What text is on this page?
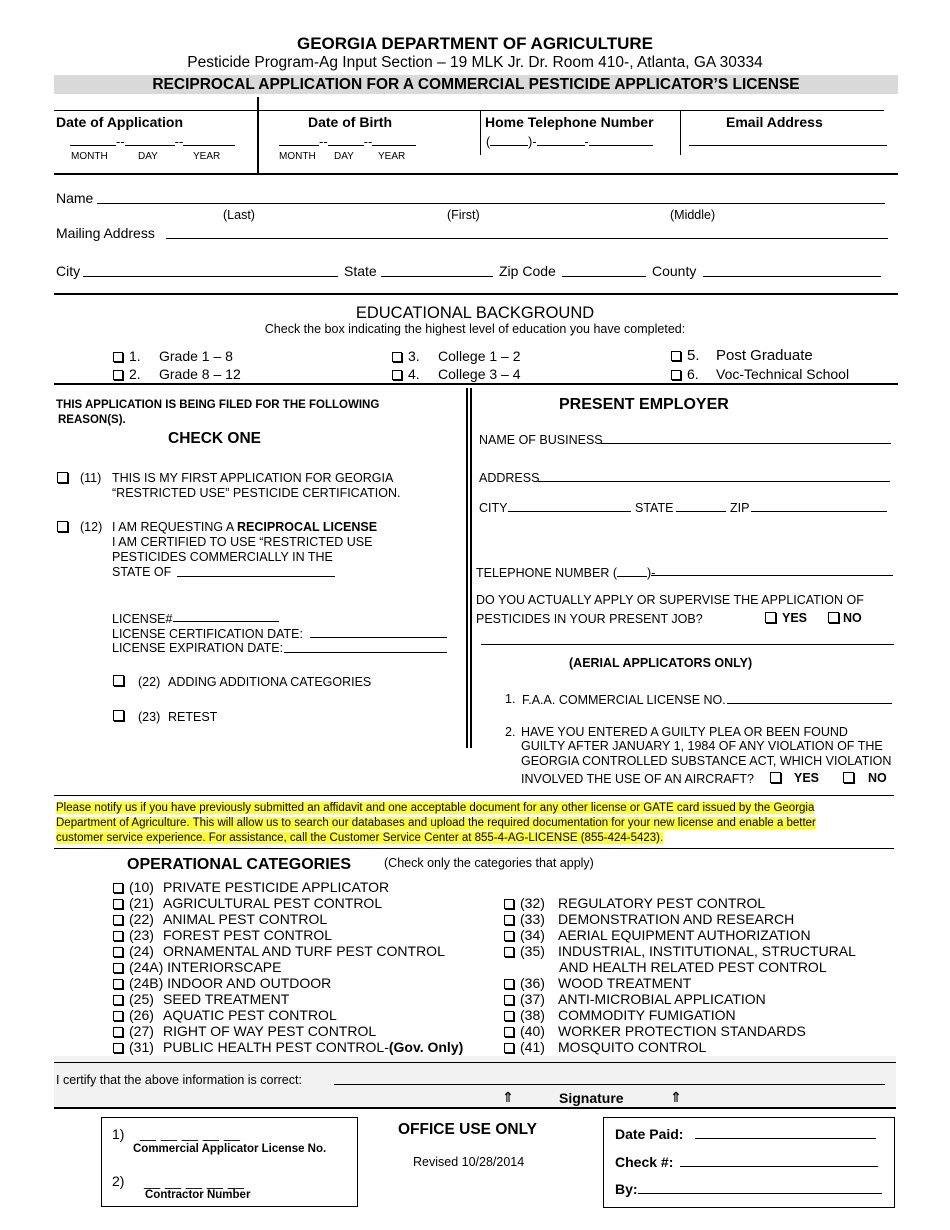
GEORGIA DEPARTMENT OF AGRICULTURE
Pesticide Program-Ag Input Section – 19 MLK Jr. Dr. Room 410-, Atlanta, GA 30334
RECIPROCAL APPLICATION FOR A COMMERCIAL PESTICIDE APPLICATOR’S LICENSE
Date of Application
--	--
MONTH	DAY	YEAR
Date of Birth
--	--
MONTH DAY YEAR
Home Telephone Number
(	)-	-
Email Address
Name
(Last)	(First)	(Middle)
Mailing Address
City	State	Zip Code	County
EDUCATIONAL BACKGROUND
Check the box indicating the highest level of education you have completed:
1. Grade 1 – 8
2. Grade 8 – 12
3. College 1 – 2
4. College 3 – 4
5. Post Graduate
6. Voc-Technical School
THIS APPLICATION IS BEING FILED FOR THE FOLLOWING
REASON(S).
CHECK ONE
(11) THIS IS MY FIRST APPLICATION FOR GEORGIA
“RESTRICTED USE” PESTICIDE CERTIFICATION.
(12) I AM REQUESTING A RECIPROCAL LICENSE
I AM CERTIFIED TO USE “RESTRICTED USE
PESTICIDES COMMERCIALLY IN THE
STATE OF
LICENSE#
LICENSE CERTIFICATION DATE:
LICENSE EXPIRATION DATE:
(22) ADDING ADDITIONA CATEGORIES
(23) RETEST
PRESENT EMPLOYER
NAME OF BUSINESS
ADDRESS
CITY	STATE	ZIP
TELEPHONE NUMBER ( )-
DO YOU ACTUALLY APPLY OR SUPERVISE THE APPLICATION OF
PESTICIDES IN YOUR PRESENT JOB?	YES	NO
(AERIAL APPLICATORS ONLY)
1. F.A.A. COMMERCIAL LICENSE NO.
2. HAVE YOU ENTERED A GUILTY PLEA OR BEEN FOUND
GUILTY AFTER JANUARY 1, 1984 OF ANY VIOLATION OF THE
GEORGIA CONTROLLED SUBSTANCE ACT, WHICH VIOLATION
INVOLVED THE USE OF AN AIRCRAFT?	YES	NO
Please notify us if you have previously submitted an affidavit and one acceptable document for any other license or GATE card issued by the Georgia
Department of Agriculture. This will allow us to search our databases and upload the required documentation for your new license and enable a better
customer service experience. For assistance, call the Customer Service Center at 855-4-AG-LICENSE (855-424-5423).
OPERATIONAL CATEGORIES	(Check only the categories that apply)
(10) PRIVATE PESTICIDE APPLICATOR
(21) AGRICULTURAL PEST CONTROL
(22) ANIMAL PEST CONTROL
(23) FOREST PEST CONTROL
(24) ORNAMENTAL AND TURF PEST CONTROL
(24A) INTERIORSCAPE
(24B) INDOOR AND OUTDOOR
(25) SEED TREATMENT
(26) AQUATIC PEST CONTROL
(27) RIGHT OF WAY PEST CONTROL
(31) PUBLIC HEALTH PEST CONTROL-(Gov. Only)
(32) REGULATORY PEST CONTROL
(33) DEMONSTRATION AND RESEARCH
(34) AERIAL EQUIPMENT AUTHORIZATION
(35) INDUSTRIAL, INSTITUTIONAL, STRUCTURAL
AND HEALTH RELATED PEST CONTROL
(36) WOOD TREATMENT
(37) ANTI-MICROBIAL APPLICATION
(38) COMMODITY FUMIGATION
(40) WORKER PROTECTION STANDARDS
(41) MOSQUITO CONTROL
I certify that the above information is correct:
⇑	Signature	⇑
1) __ __ __ __ __
Commercial Applicator License No.
2) __ __ __ __ __
Contractor Number
OFFICE USE ONLY
Revised 10/28/2014
Date Paid:
Check #:
By:
